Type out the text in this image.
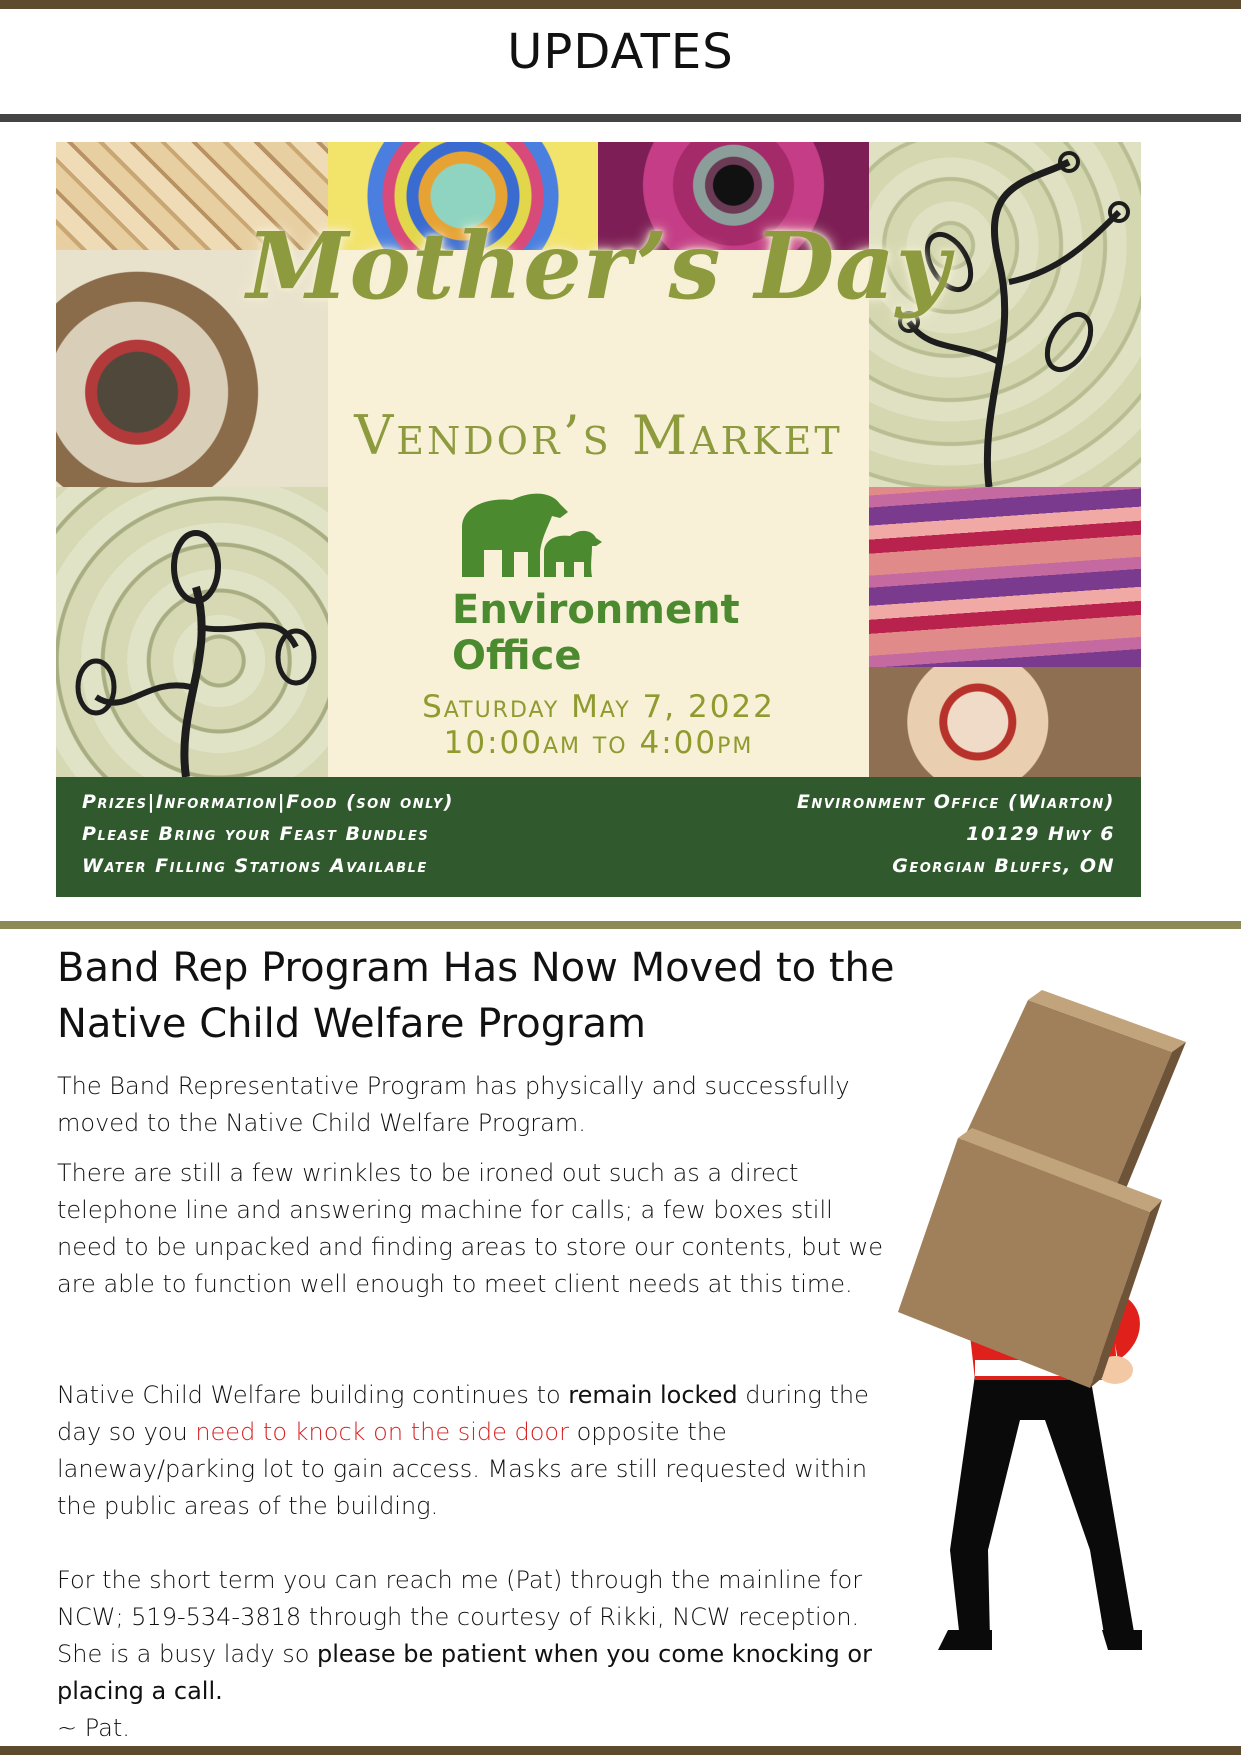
UPDATES
Mother’s Day
Vendor’s Market
Environment
Office
Saturday May 7, 2022
10:00am to 4:00pm
Prizes|Information|Food (son only)
Please Bring your Feast Bundles
Water Filling Stations Available
Environment Office (Wiarton)
10129 Hwy 6
Georgian Bluffs, ON
Band Rep Program Has Now Moved to the Native Child Welfare Program

The Band Representative Program has physically and successfully moved to the Native Child Welfare Program.

There are still a few wrinkles to be ironed out such as a direct telephone line and answering machine for calls; a few boxes still need to be unpacked and finding areas to store our contents, but we are able to function well enough to meet client needs at this time.

Native Child Welfare building continues to remain locked during the day so you need to knock on the side door opposite the laneway/parking lot to gain access. Masks are still requested within the public areas of the building.

For the short term you can reach me (Pat) through the mainline for NCW; 519-534-3818 through the courtesy of Rikki, NCW reception. She is a busy lady so please be patient when you come knocking or placing a call.
~ Pat.
